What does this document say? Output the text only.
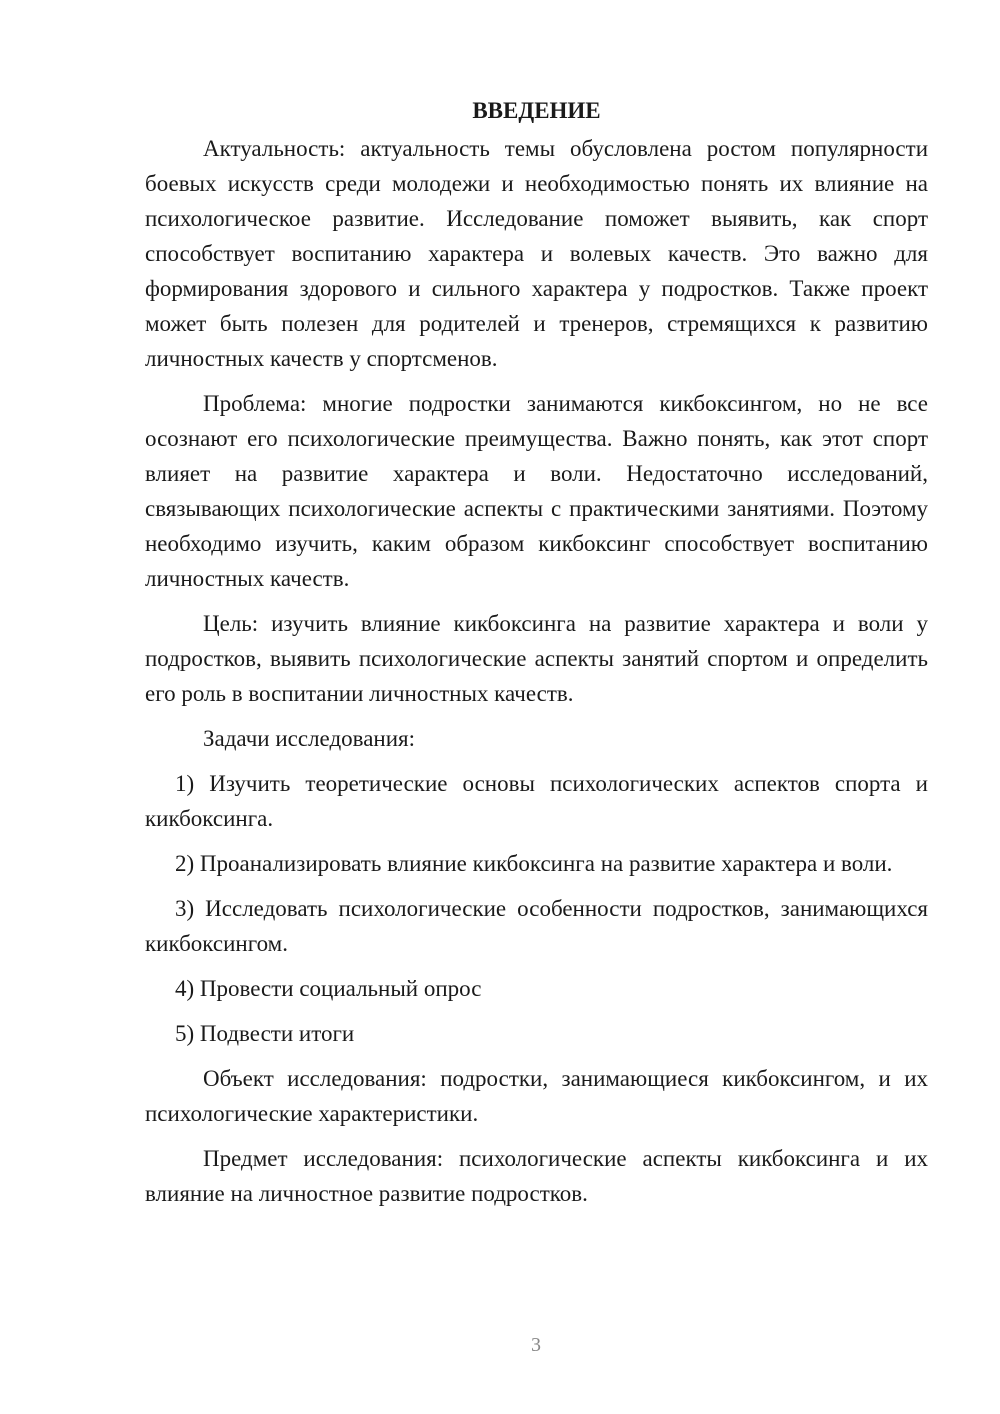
ВВЕДЕНИЕ

Актуальность: актуальность темы обусловлена ростом популярности боевых искусств среди молодежи и необходимостью понять их влияние на психологическое развитие. Исследование поможет выявить, как спорт способствует воспитанию характера и волевых качеств. Это важно для формирования здорового и сильного характера у подростков. Также проект может быть полезен для родителей и тренеров, стремящихся к развитию личностных качеств у спортсменов.

Проблема: многие подростки занимаются кикбоксингом, но не все осознают его психологические преимущества. Важно понять, как этот спорт влияет на развитие характера и воли. Недостаточно исследований, связывающих психологические аспекты с практическими занятиями. Поэтому необходимо изучить, каким образом кикбоксинг способствует воспитанию личностных качеств.

Цель: изучить влияние кикбоксинга на развитие характера и воли у подростков, выявить психологические аспекты занятий спортом и определить его роль в воспитании личностных качеств.

Задачи исследования:

1) Изучить теоретические основы психологических аспектов спорта и кикбоксинга.

2) Проанализировать влияние кикбоксинга на развитие характера и воли.

3) Исследовать психологические особенности подростков, занимающихся кикбоксингом.

4) Провести социальный опрос

5) Подвести итоги

Объект исследования: подростки, занимающиеся кикбоксингом, и их психологические характеристики.

Предмет исследования: психологические аспекты кикбоксинга и их влияние на личностное развитие подростков.

3
